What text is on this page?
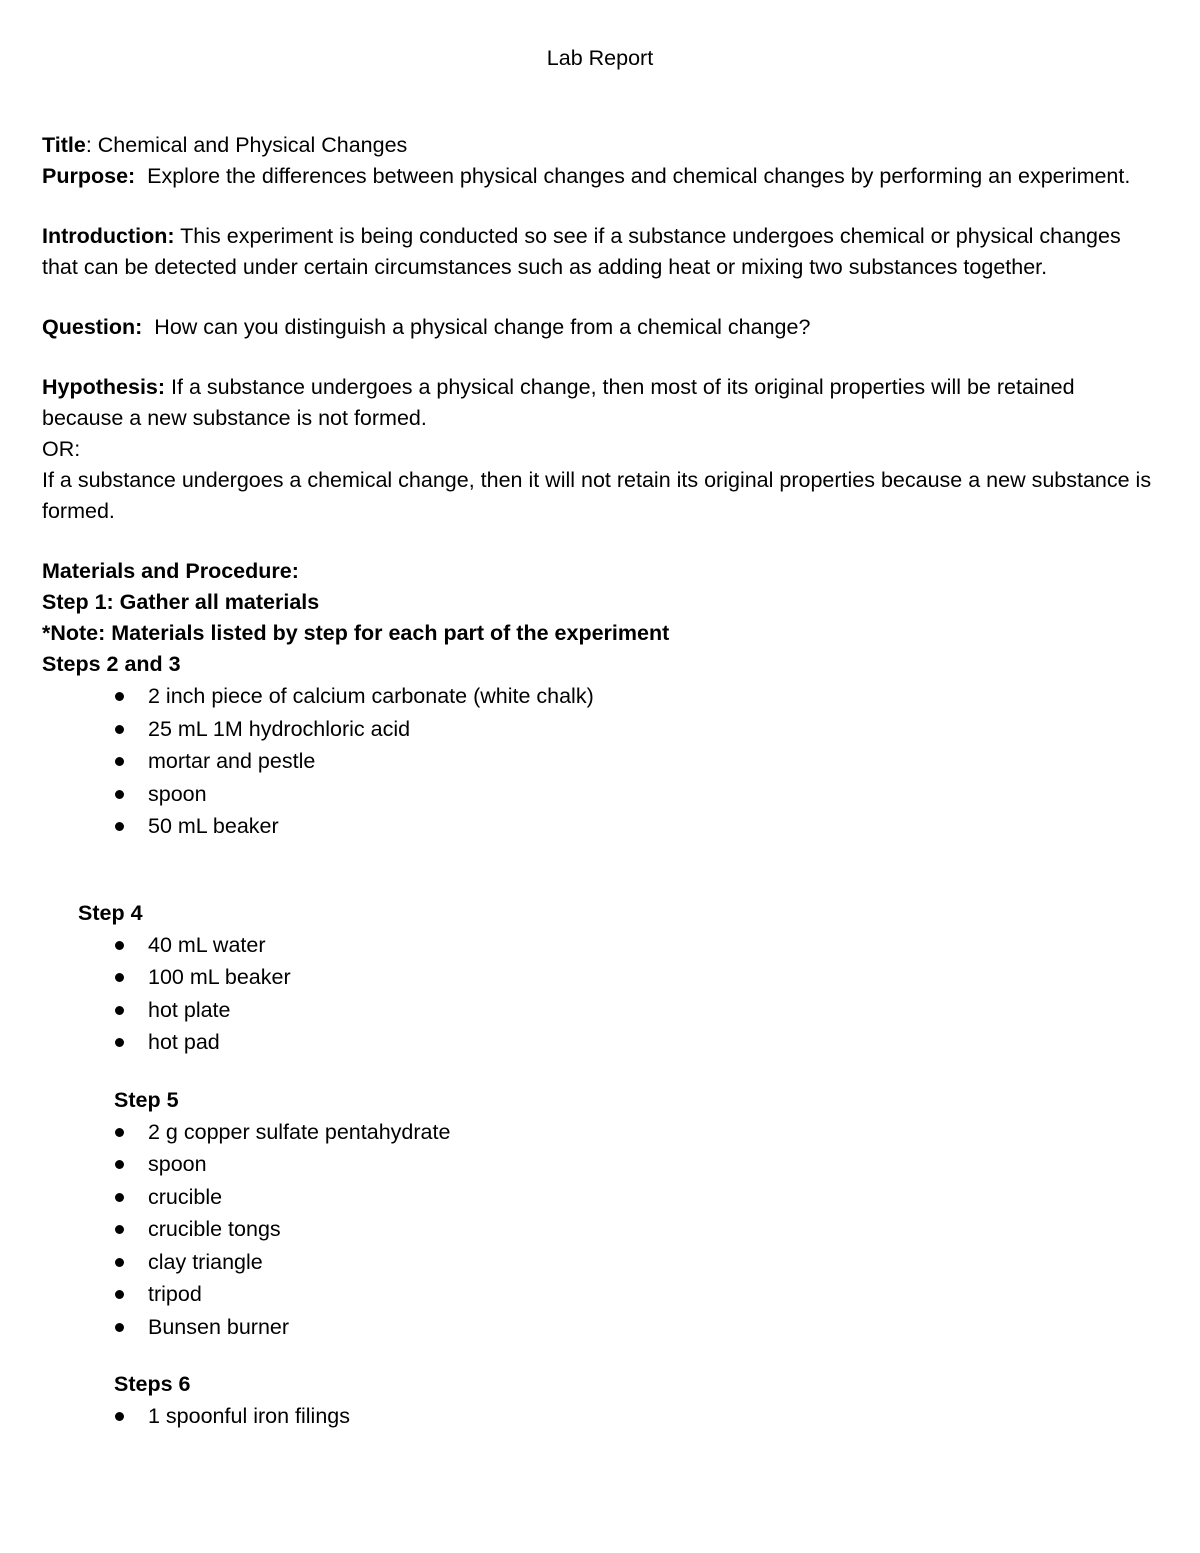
Lab Report

Title: Chemical and Physical Changes

Purpose:  Explore the differences between physical changes and chemical changes by performing an experiment.

Introduction: This experiment is being conducted so see if a substance undergoes chemical or physical changes that can be detected under certain circumstances such as adding heat or mixing two substances together.

Question:  How can you distinguish a physical change from a chemical change?

Hypothesis: If a substance undergoes a physical change, then most of its original properties will be retained because a new substance is not formed.

OR:

If a substance undergoes a chemical change, then it will not retain its original properties because a new substance is formed.

Materials and Procedure:

Step 1: Gather all materials

*Note: Materials listed by step for each part of the experiment

Steps 2 and 3

2 inch piece of calcium carbonate (white chalk)
25 mL 1M hydrochloric acid
mortar and pestle
spoon
50 mL beaker

Step 4

40 mL water
100 mL beaker
hot plate
hot pad

Step 5

2 g copper sulfate pentahydrate
spoon
crucible
crucible tongs
clay triangle
tripod
Bunsen burner

Steps 6

1 spoonful iron filings
